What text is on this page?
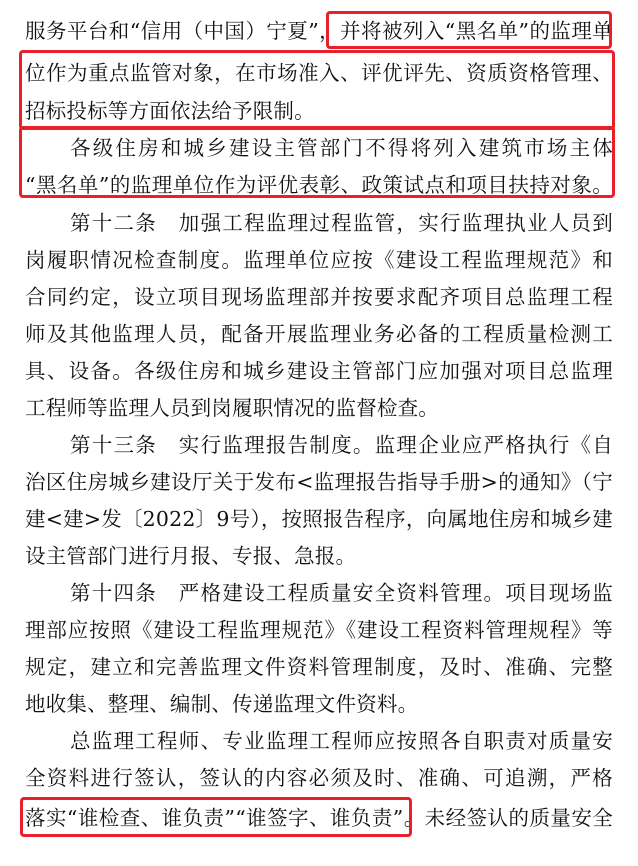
服务平台和“信用（中国）宁夏”，并将被列入“黑名单”的监理单
位作为重点监管对象，在市场准入、评优评先、资质资格管理、
招标投标等方面依法给予限制。
各级住房和城乡建设主管部门不得将列入建筑市场主体
“黑名单”的监理单位作为评优表彰、政策试点和项目扶持对象。
第十二条　加强工程监理过程监管，实行监理执业人员到
岗履职情况检查制度。监理单位应按《建设工程监理规范》和
合同约定，设立项目现场监理部并按要求配齐项目总监理工程
师及其他监理人员，配备开展监理业务必备的工程质量检测工
具、设备。各级住房和城乡建设主管部门应加强对项目总监理
工程师等监理人员到岗履职情况的监督检查。
第十三条　实行监理报告制度。监理企业应严格执行《自
治区住房城乡建设厅关于发布<监理报告指导手册>的通知》（宁
建<建>发〔2022〕9号），按照报告程序，向属地住房和城乡建
设主管部门进行月报、专报、急报。
第十四条　严格建设工程质量安全资料管理。项目现场监
理部应按照《建设工程监理规范》《建设工程资料管理规程》等
规定，建立和完善监理文件资料管理制度，及时、准确、完整
地收集、整理、编制、传递监理文件资料。
总监理工程师、专业监理工程师应按照各自职责对质量安
全资料进行签认，签认的内容必须及时、准确、可追溯，严格
落实“谁检查、谁负责”“谁签字、谁负责”。未经签认的质量安全
